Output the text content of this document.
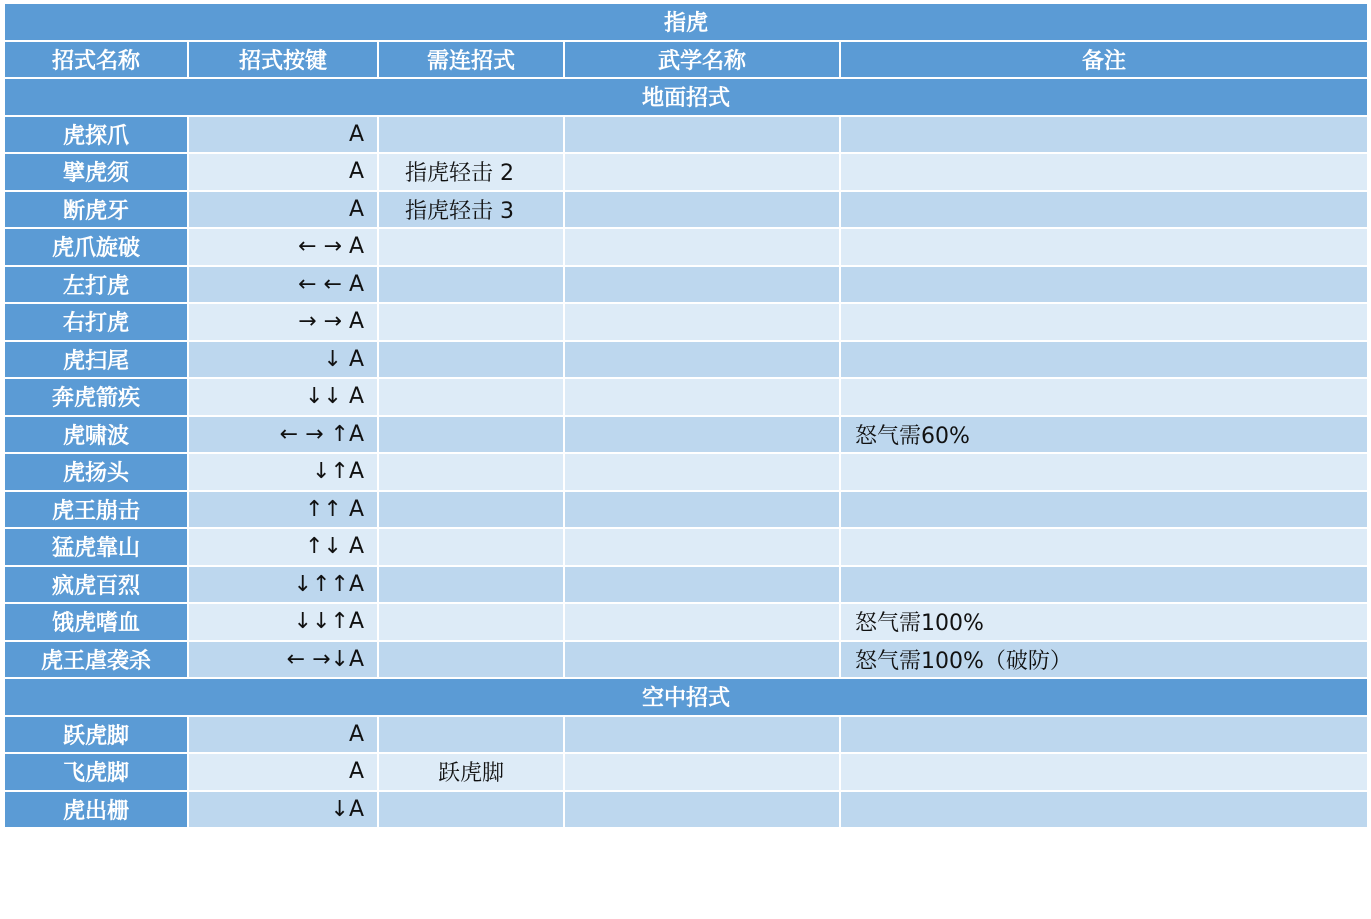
指虎				
招式名称	招式按键	需连招式	武学名称	备注
地面招式				
虎探爪	A			
擘虎须	A	指虎轻击 2		
断虎牙	A	指虎轻击 3		
虎爪旋破	← → A			
左打虎	← ← A			
右打虎	→ → A			
虎扫尾	↓ A			
奔虎箭疾	↓↓ A			
虎啸波	← → ↑A			怒气需60%
虎扬头	↓↑A			
虎王崩击	↑↑ A			
猛虎靠山	↑↓ A			
疯虎百烈	↓↑↑A			
饿虎嗜血	↓↓↑A			怒气需100%
虎王虐袭杀	← →↓A			怒气需100%（破防）
空中招式				
跃虎脚	A			
飞虎脚	A	跃虎脚		
虎出栅	↓A			
